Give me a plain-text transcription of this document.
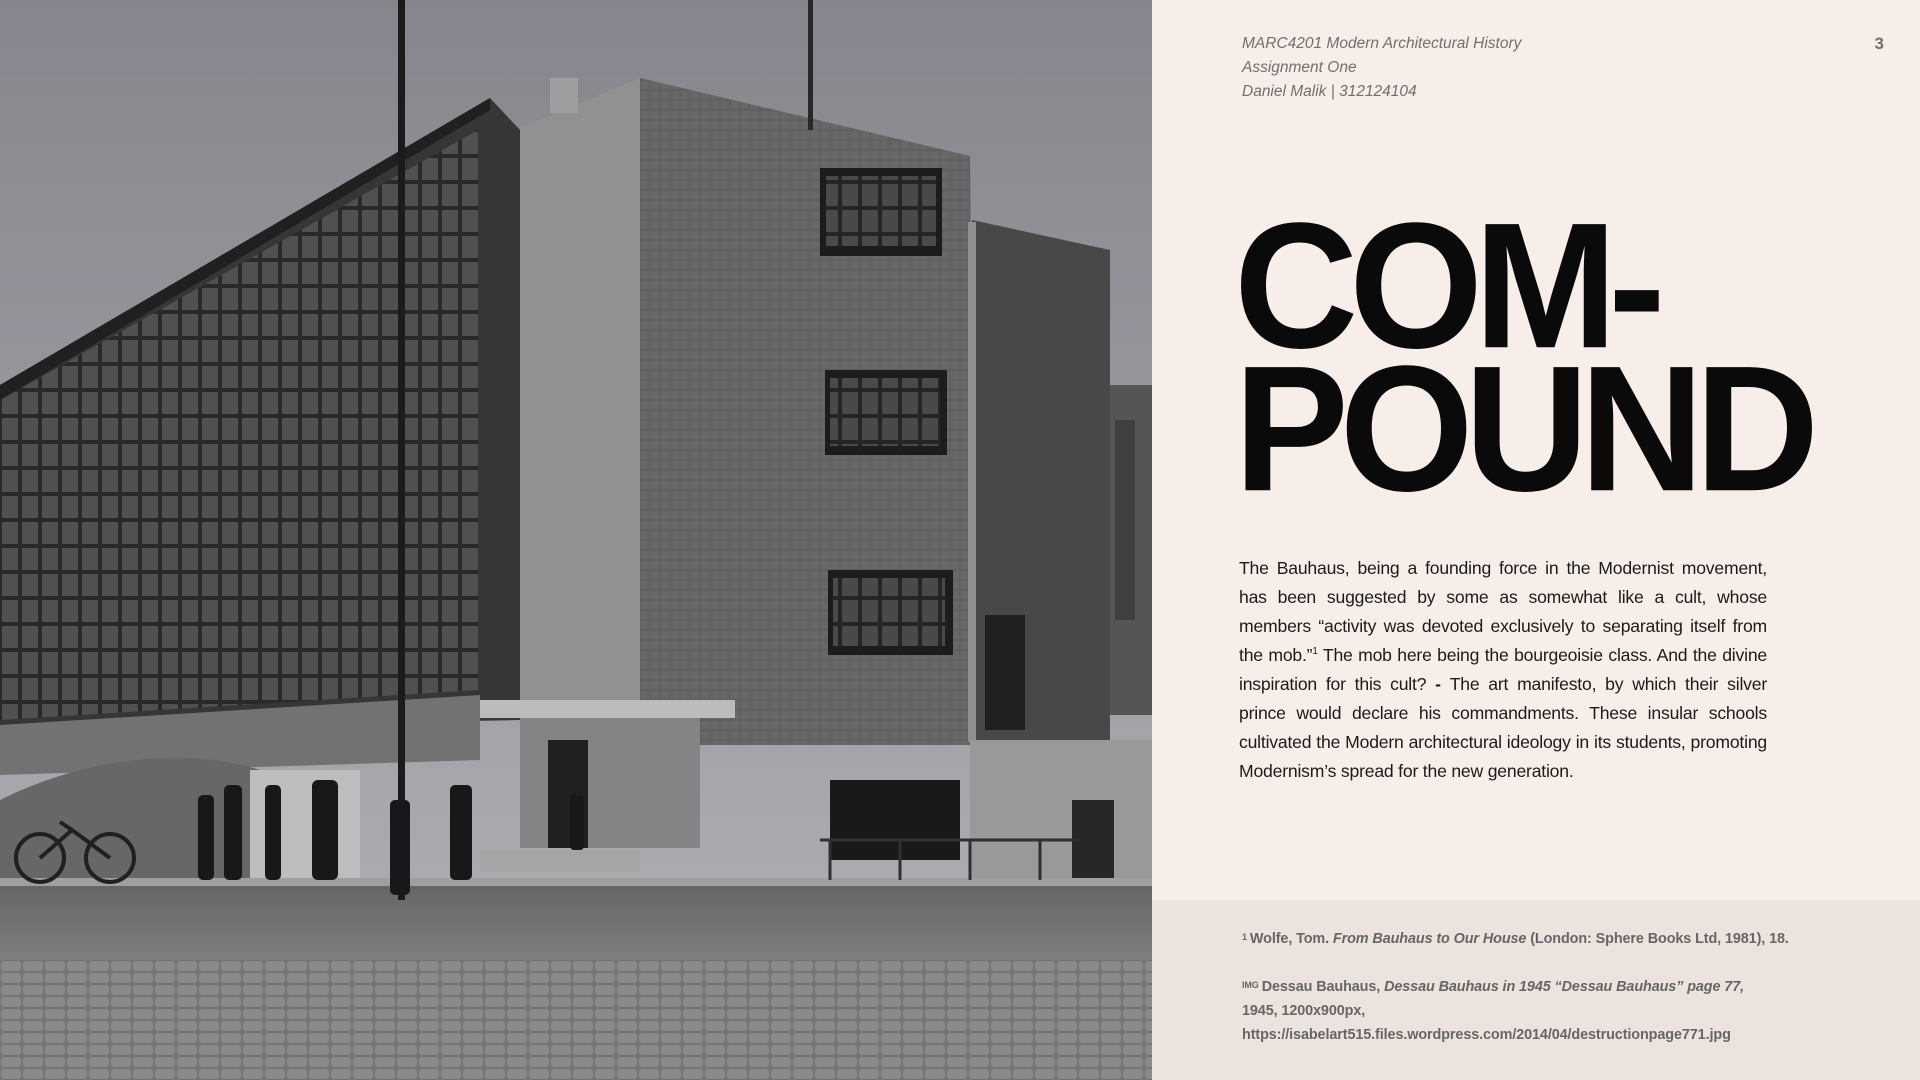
MARC4201 Modern Architectural History
Assignment One
Daniel Malik | 312124104
3
COM-
POUND
The Bauhaus, being a founding force in the Modernist movement, has been suggested by some as somewhat like a cult, whose members “activity was devoted exclusively to separating itself from the mob.”$^1$ The mob here being the bourgeoisie class. And the divine inspiration for this cult? - The art manifesto, by which their silver prince would declare his commandments. These insular schools cultivated the Modern architectural ideology in its students, promoting Modernism’s spread for the new generation.
$^1$ Wolfe, Tom. From Bauhaus to Our House (London: Sphere Books Ltd, 1981), 18.
$^{IMG}$ Dessau Bauhaus, Dessau Bauhaus in 1945 “Dessau Bauhaus” page 77, 1945, 1200x900px, https://isabelart515.files.wordpress.com/2014/04/destructionpage771.jpg
